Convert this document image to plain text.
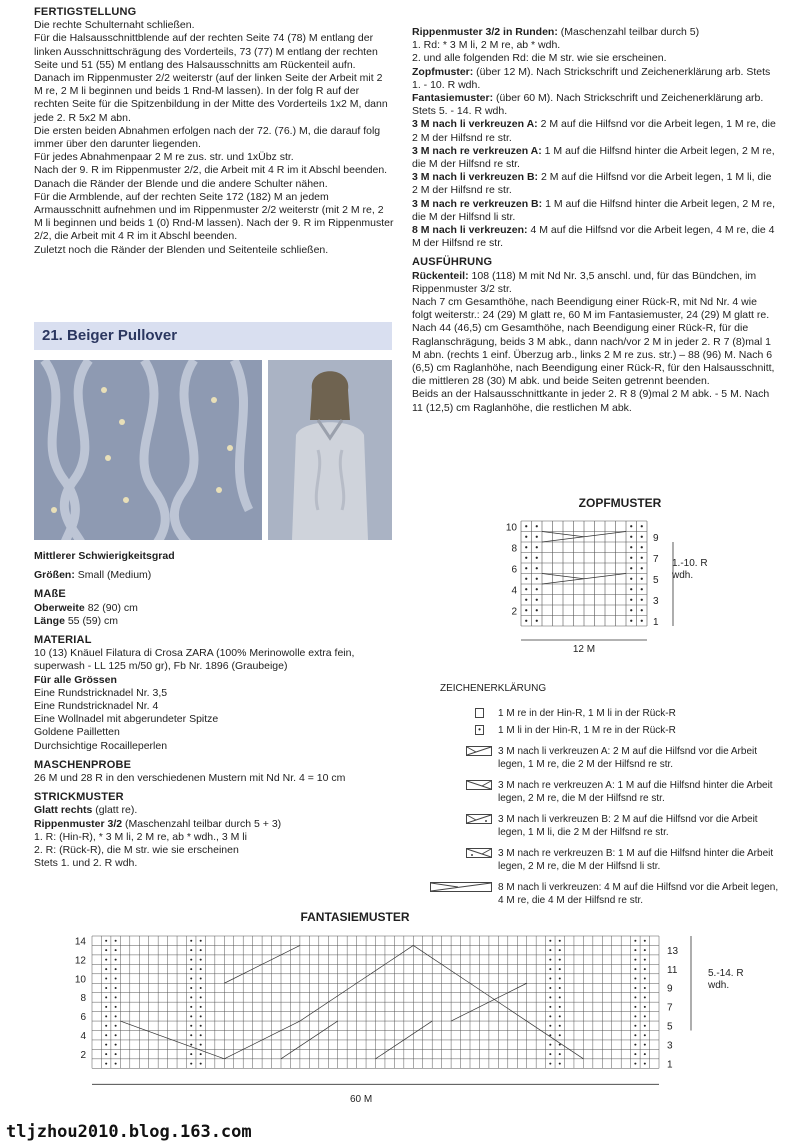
FERTIGSTELLUNG

Die rechte Schulternaht schließen.

Für die Halsausschnittblende auf der rechten Seite 74 (78) M entlang der linken Ausschnittschrägung des Vorderteils, 73 (77) M entlang der rechten Seite und 51 (55) M entlang des Halsausschnitts am Rückenteil aufn.

Danach im Rippenmuster 2/2 weiterstr (auf der linken Seite der Arbeit mit 2 M re, 2 M li beginnen und beids 1 Rnd-M lassen). In der folg R auf der rechten Seite für die Spitzenbildung in der Mitte des Vorderteils 1x2 M, dann jede 2. R 5x2 M abn.

Die ersten beiden Abnahmen erfolgen nach der 72. (76.) M, die darauf folg immer über den darunter liegenden.

Für jedes Abnahmenpaar 2 M re zus. str. und 1xÜbz str.

Nach der 9. R im Rippenmuster 2/2, die Arbeit mit 4 R im it Abschl beenden. Danach die Ränder der Blende und die andere Schulter nähen.

Für die Armblende, auf der rechten Seite 172 (182) M an jedem Armausschnitt aufnehmen und im Rippenmuster 2/2 weiterstr (mit 2 M re, 2 M li beginnen und beids 1 (0) Rnd-M lassen). Nach der 9. R im Rippenmuster 2/2, die Arbeit mit 4 R im it Abschl beenden.

Zuletzt noch die Ränder der Blenden und Seitenteile schließen.

21. Beiger Pullover

Mittlerer Schwierigkeitsgrad

Größen: Small (Medium)

MAßE

Oberweite 82 (90) cm

Länge 55 (59) cm

MATERIAL

10 (13) Knäuel Filatura di Crosa ZARA (100% Merinowolle extra fein, superwash - LL 125 m/50 gr), Fb Nr. 1896 (Graubeige)

Für alle Grössen

Eine Rundstricknadel Nr. 3,5

Eine Rundstricknadel Nr. 4

Eine Wollnadel mit abgerundeter Spitze

Goldene Pailletten

Durchsichtige Rocailleperlen

MASCHENPROBE

26 M und 28 R in den verschiedenen Mustern mit Nd Nr. 4 = 10 cm

STRICKMUSTER

Glatt rechts (glatt re).

Rippenmuster 3/2 (Maschenzahl teilbar durch 5 + 3)

1. R: (Hin-R), * 3 M li, 2 M re, ab * wdh., 3 M li

2. R: (Rück-R), die M str. wie sie erscheinen

Stets 1. und 2. R wdh.

Rippenmuster 3/2 in Runden: (Maschenzahl teilbar durch 5)

1. Rd: * 3 M li, 2 M re, ab * wdh.

2. und alle folgenden Rd: die M str. wie sie erscheinen.

Zopfmuster: (über 12 M). Nach Strickschrift und Zeichenerklärung arb. Stets 1. - 10. R wdh.

Fantasiemuster: (über 60 M). Nach Strickschrift und Zeichenerklärung arb. Stets 5. - 14. R wdh.

3 M nach li verkreuzen A: 2 M auf die Hilfsnd vor die Arbeit legen, 1 M re, die 2 M der Hilfsnd re str.

3 M nach re verkreuzen A: 1 M auf die Hilfsnd hinter die Arbeit legen, 2 M re, die M der Hilfsnd re str.

3 M nach li verkreuzen B: 2 M auf die Hilfsnd vor die Arbeit legen, 1 M li, die 2 M der Hilfsnd re str.

3 M nach re verkreuzen B: 1 M auf die Hilfsnd hinter die Arbeit legen, 2 M re, die M der Hilfsnd li str.

8 M nach li verkreuzen: 4 M auf die Hilfsnd vor die Arbeit legen, 4 M re, die 4 M der Hilfsnd re str.

AUSFÜHRUNG

Rückenteil: 108 (118) M mit Nd Nr. 3,5 anschl. und, für das Bündchen, im Rippenmuster 3/2 str.

Nach 7 cm Gesamthöhe, nach Beendigung einer Rück-R, mit Nd Nr. 4 wie folgt weiterstr.: 24 (29) M glatt re, 60 M im Fantasiemuster, 24 (29) M glatt re.

Nach 44 (46,5) cm Gesamthöhe, nach Beendigung einer Rück-R, für die Raglanschrägung, beids 3 M abk., dann nach/vor 2 M in jeder 2. R 7 (8)mal 1 M abn. (rechts 1 einf. Überzug arb., links 2 M re zus. str.) – 88 (96) M. Nach 6 (6,5) cm Raglanhöhe, nach Beendigung einer Rück-R, für den Halsausschnitt, die mittleren 28 (30) M abk. und beide Seiten getrennt beenden.

Beids an der Halsausschnittkante in jeder 2. R 8 (9)mal 2 M abk. - 5 M. Nach 11 (12,5) cm Raglanhöhe, die restlichen M abk.

ZOPFMUSTER
10
8
6
4
2
9
7
5
3
1
12 M
1.-10. R
wdh.
ZEICHENERKLÄRUNG
1 M re in der Hin-R, 1 M li in der Rück-R
•	1 M li in der Hin-R, 1 M re in der Rück-R
3 M nach li verkreuzen A: 2 M auf die Hilfsnd vor die Arbeit legen, 1 M re, die 2 M der Hilfsnd re str.
3 M nach re verkreuzen A: 1 M auf die Hilfsnd hinter die Arbeit legen, 2 M re, die M der Hilfsnd re str.
3 M nach li verkreuzen B: 2 M auf die Hilfsnd vor die Arbeit legen, 1 M li, die 2 M der Hilfsnd re str.
3 M nach re verkreuzen B: 1 M auf die Hilfsnd hinter die Arbeit legen, 2 M re, die M der Hilfsnd li str.
8 M nach li verkreuzen: 4 M auf die Hilfsnd vor die Arbeit legen, 4 M re, die 4 M der Hilfsnd re str.
FANTASIEMUSTER
14
12
10
8
6
4
2
13
11
9
7
5
3
1
60 M
5.-14. R
wdh.
tljzhou2010.blog.163.com
